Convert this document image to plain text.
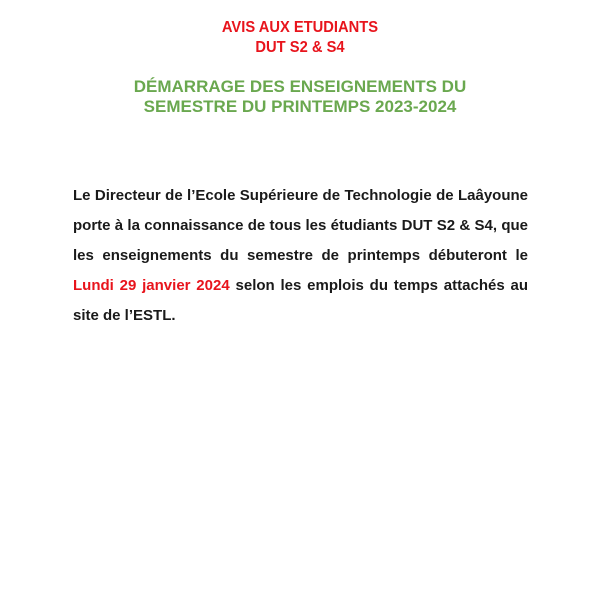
AVIS AUX ETUDIANTS
DUT S2 & S4
DÉMARRAGE DES ENSEIGNEMENTS DU
SEMESTRE DU PRINTEMPS 2023-2024

Le Directeur de l’Ecole Supérieure de Technologie de Laâyoune porte à la connaissance de tous les étudiants DUT S2 & S4, que les enseignements du semestre de printemps débuteront le Lundi 29 janvier 2024 selon les emplois du temps attachés au site de l’ESTL.
